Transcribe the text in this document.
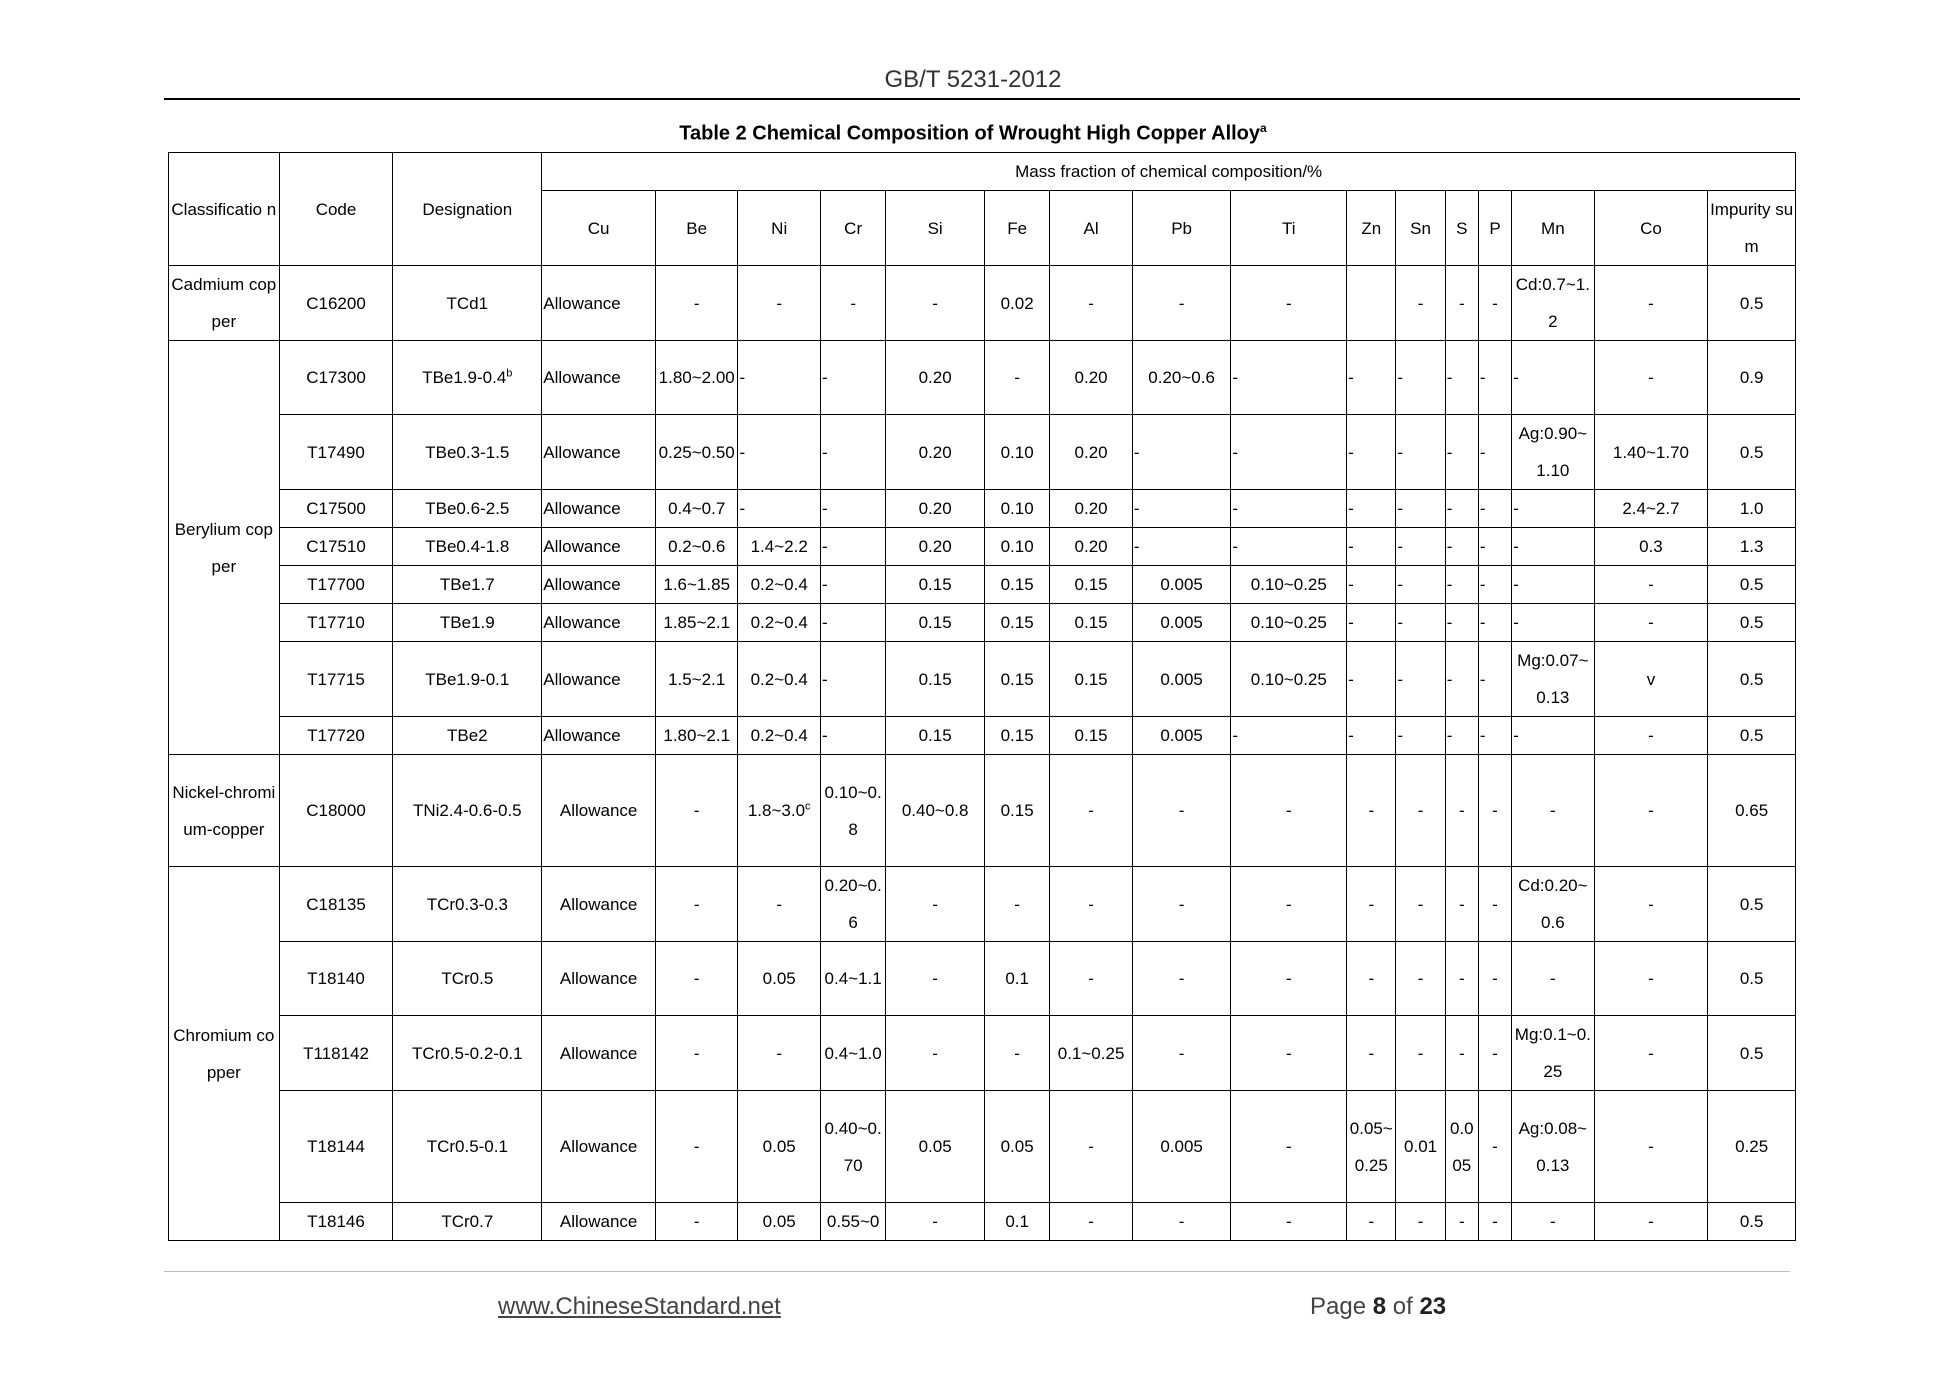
GB/T 5231-2012
Table 2 Chemical Composition of Wrought High Copper Alloy$^a$
Classificatio n	Code	Designation	Mass fraction of chemical composition/%															
			Cu	Be	Ni	Cr	Si	Fe	Al	Pb	Ti	Zn	Sn	S	P	Mn	Co	Impurity sum
Cadmium copper	C16200	TCd1	Allowance	-	-	-	-	0.02	-	-	-		-	-	-	Cd:0.7~1.2	-	0.5
Berylium copper	C17300	TBe1.9-0.4$^b$	Allowance	1.80~2.00	-	-	0.20	-	0.20	0.20~0.6	-	-	-	-	-	-	-	0.9
	T17490	TBe0.3-1.5	Allowance	0.25~0.50	-	-	0.20	0.10	0.20	-	-	-	-	-	-	Ag:0.90~1.10	1.40~1.70	0.5
	C17500	TBe0.6-2.5	Allowance	0.4~0.7	-	-	0.20	0.10	0.20	-	-	-	-	-	-	-	2.4~2.7	1.0
	C17510	TBe0.4-1.8	Allowance	0.2~0.6	1.4~2.2	-	0.20	0.10	0.20	-	-	-	-	-	-	-	0.3	1.3
	T17700	TBe1.7	Allowance	1.6~1.85	0.2~0.4	-	0.15	0.15	0.15	0.005	0.10~0.25	-	-	-	-	-	-	0.5
	T17710	TBe1.9	Allowance	1.85~2.1	0.2~0.4	-	0.15	0.15	0.15	0.005	0.10~0.25	-	-	-	-	-	-	0.5
	T17715	TBe1.9-0.1	Allowance	1.5~2.1	0.2~0.4	-	0.15	0.15	0.15	0.005	0.10~0.25	-	-	-	-	Mg:0.07~0.13	v	0.5
	T17720	TBe2	Allowance	1.80~2.1	0.2~0.4	-	0.15	0.15	0.15	0.005	-	-	-	-	-	-	-	0.5
Nickel-chromium-copper	C18000	TNi2.4-0.6-0.5	Allowance	-	1.8~3.0$^c$	0.10~0.8	0.40~0.8	0.15	-	-	-	-	-	-	-	-	-	0.65
Chromium copper	C18135	TCr0.3-0.3	Allowance	-	-	0.20~0.6	-	-	-	-	-	-	-	-	-	Cd:0.20~0.6	-	0.5
	T18140	TCr0.5	Allowance	-	0.05	0.4~1.1	-	0.1	-	-	-	-	-	-	-	-	-	0.5
	T118142	TCr0.5-0.2-0.1	Allowance	-	-	0.4~1.0	-	-	0.1~0.25	-	-	-	-	-	-	Mg:0.1~0.25	-	0.5
	T18144	TCr0.5-0.1	Allowance	-	0.05	0.40~0.70	0.05	0.05	-	0.005	-	0.05~0.25	0.01	0.005	-	Ag:0.08~0.13	-	0.25
	T18146	TCr0.7	Allowance	-	0.05	0.55~0	-	0.1	-	-	-	-	-	-	-	-	-	0.5
www.ChineseStandard.net	Page 8 of 23
